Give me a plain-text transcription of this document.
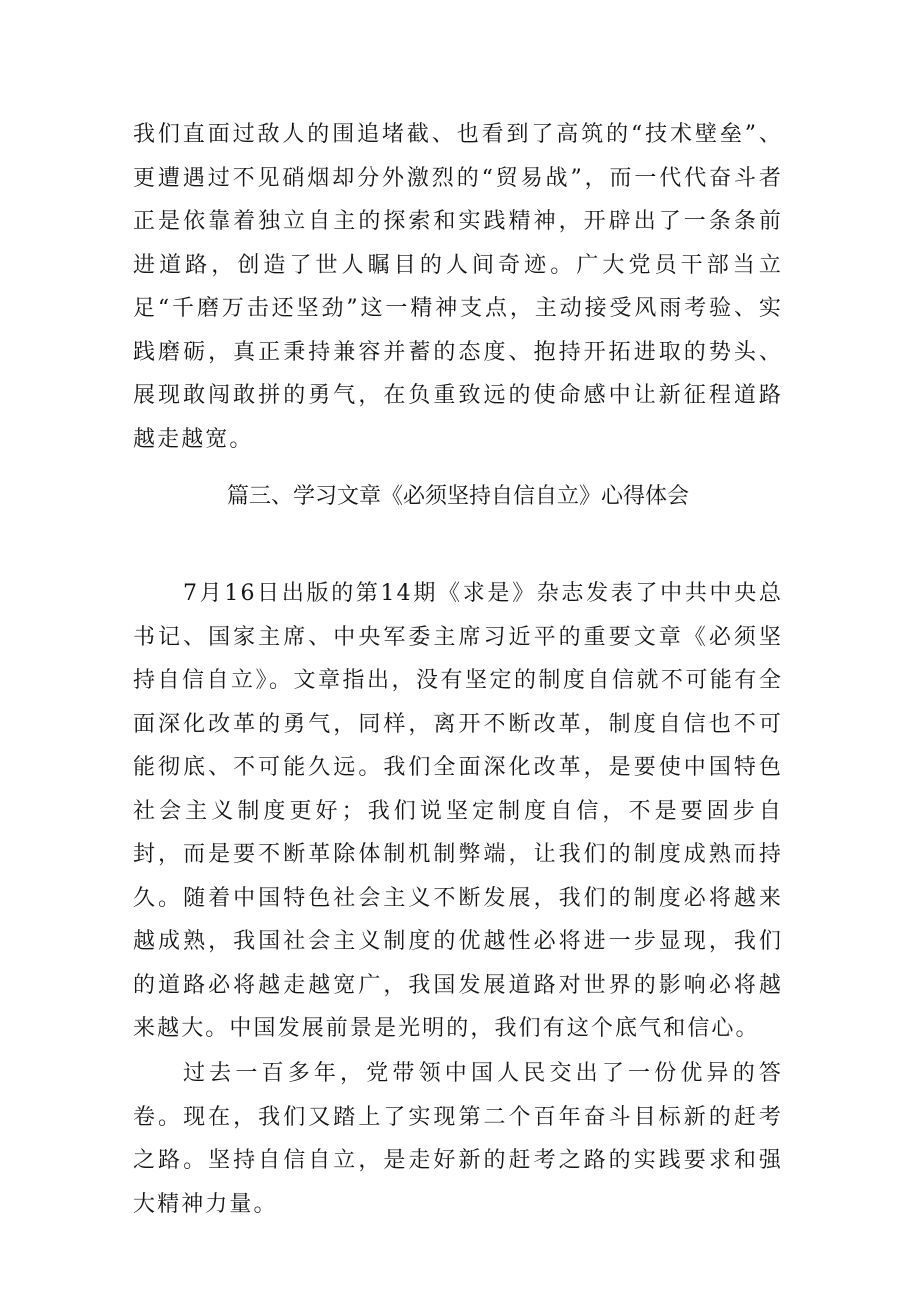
我们直面过敌人的围追堵截、也看到了高筑的“技术壁垒”、更遭遇过不见硝烟却分外激烈的“贸易战”，而一代代奋斗者正是依靠着独立自主的探索和实践精神，开辟出了一条条前进道路，创造了世人瞩目的人间奇迹。广大党员干部当立足“千磨万击还坚劲”这一精神支点，主动接受风雨考验、实践磨砺，真正秉持兼容并蓄的态度、抱持开拓进取的势头、展现敢闯敢拼的勇气，在负重致远的使命感中让新征程道路越走越宽。

篇三、学习文章《必须坚持自信自立》心得体会

7月16日出版的第14期《求是》杂志发表了中共中央总书记、国家主席、中央军委主席习近平的重要文章《必须坚持自信自立》。文章指出，没有坚定的制度自信就不可能有全面深化改革的勇气，同样，离开不断改革，制度自信也不可能彻底、不可能久远。我们全面深化改革，是要使中国特色社会主义制度更好；我们说坚定制度自信，不是要固步自封，而是要不断革除体制机制弊端，让我们的制度成熟而持久。随着中国特色社会主义不断发展，我们的制度必将越来越成熟，我国社会主义制度的优越性必将进一步显现，我们的道路必将越走越宽广，我国发展道路对世界的影响必将越来越大。中国发展前景是光明的，我们有这个底气和信心。

过去一百多年，党带领中国人民交出了一份优异的答卷。现在，我们又踏上了实现第二个百年奋斗目标新的赶考之路。坚持自信自立，是走好新的赶考之路的实践要求和强大精神力量。
